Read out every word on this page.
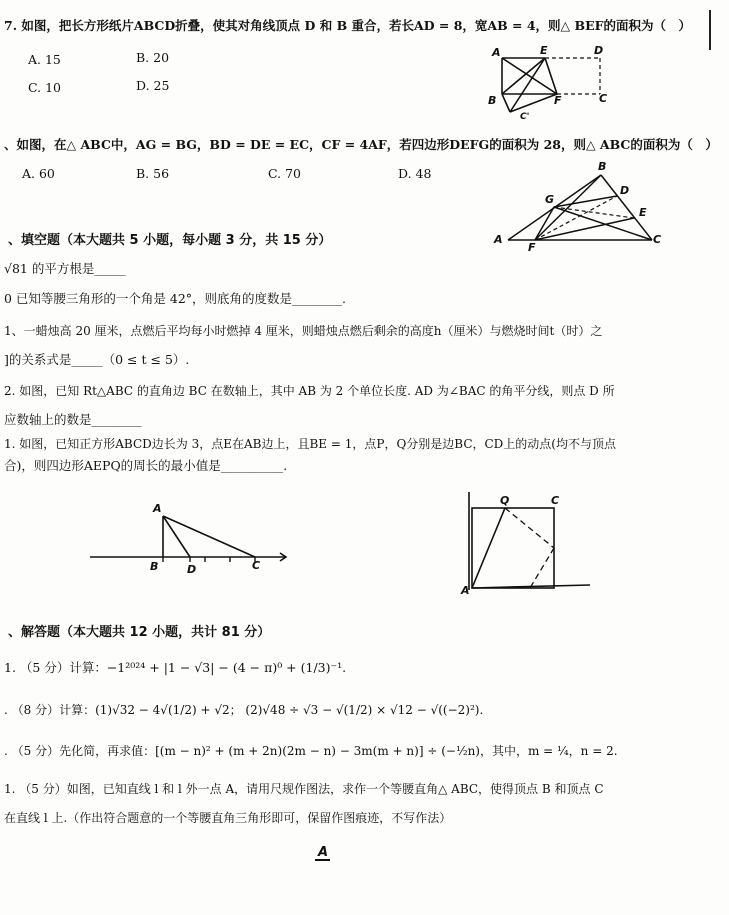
7. 如图，把长方形纸片ABCD折叠，使其对角线顶点 D 和 B 重合，若长AD = 8，宽AB = 4，则△ BEF的面积为（　）
A. 15	B. 20
C. 10	D. 25
A	E	D
B	F	C
C'
、如图，在△ ABC中，AG = BG，BD = DE = EC，CF = 4AF，若四边形DEFG的面积为 28，则△ ABC的面积为（　）
A. 60	B. 56	C. 70	D. 48	B
D
G
E
A
F
C
、填空题（本大题共 5 小题，每小题 3 分，共 15 分）
√81 的平方根是_____
0 已知等腰三角形的一个角是 42°，则底角的度数是________.
1、一蜡烛高 20 厘米，点燃后平均每小时燃掉 4 厘米，则蜡烛点燃后剩余的高度h（厘米）与燃烧时间t（时）之
]的关系式是_____（0 ≤ t ≤ 5）.
2. 如图，已知 Rt△ABC 的直角边 BC 在数轴上，其中 AB 为 2 个单位长度. AD 为∠BAC 的角平分线，则点 D 所
应数轴上的数是________
1. 如图，已知正方形ABCD边长为 3，点E在AB边上，且BE = 1，点P，Q分别是边BC，CD上的动点(均不与顶点
合)，则四边形AEPQ的周长的最小值是__________.
A
B	D	C
Q	C
A
、解答题（本大题共 12 小题，共计 81 分）
1. （5 分）计算：−1²⁰²⁴ + |1 − √3| − (4 − π)⁰ + (1/3)⁻¹.
. （8 分）计算：(1)√32 − 4√(1/2) + √2； (2)√48 ÷ √3 − √(1/2) × √12 − √((−2)²).
. （5 分）先化简，再求值：[(m − n)² + (m + 2n)(2m − n) − 3m(m + n)] ÷ (−½n)，其中，m = ¼，n = 2.
1. （5 分）如图，已知直线 l 和 l 外一点 A，请用尺规作图法，求作一个等腰直角△ ABC，使得顶点 B 和顶点 C
在直线 l 上.（作出符合题意的一个等腰直角三角形即可，保留作图痕迹，不写作法）
A
